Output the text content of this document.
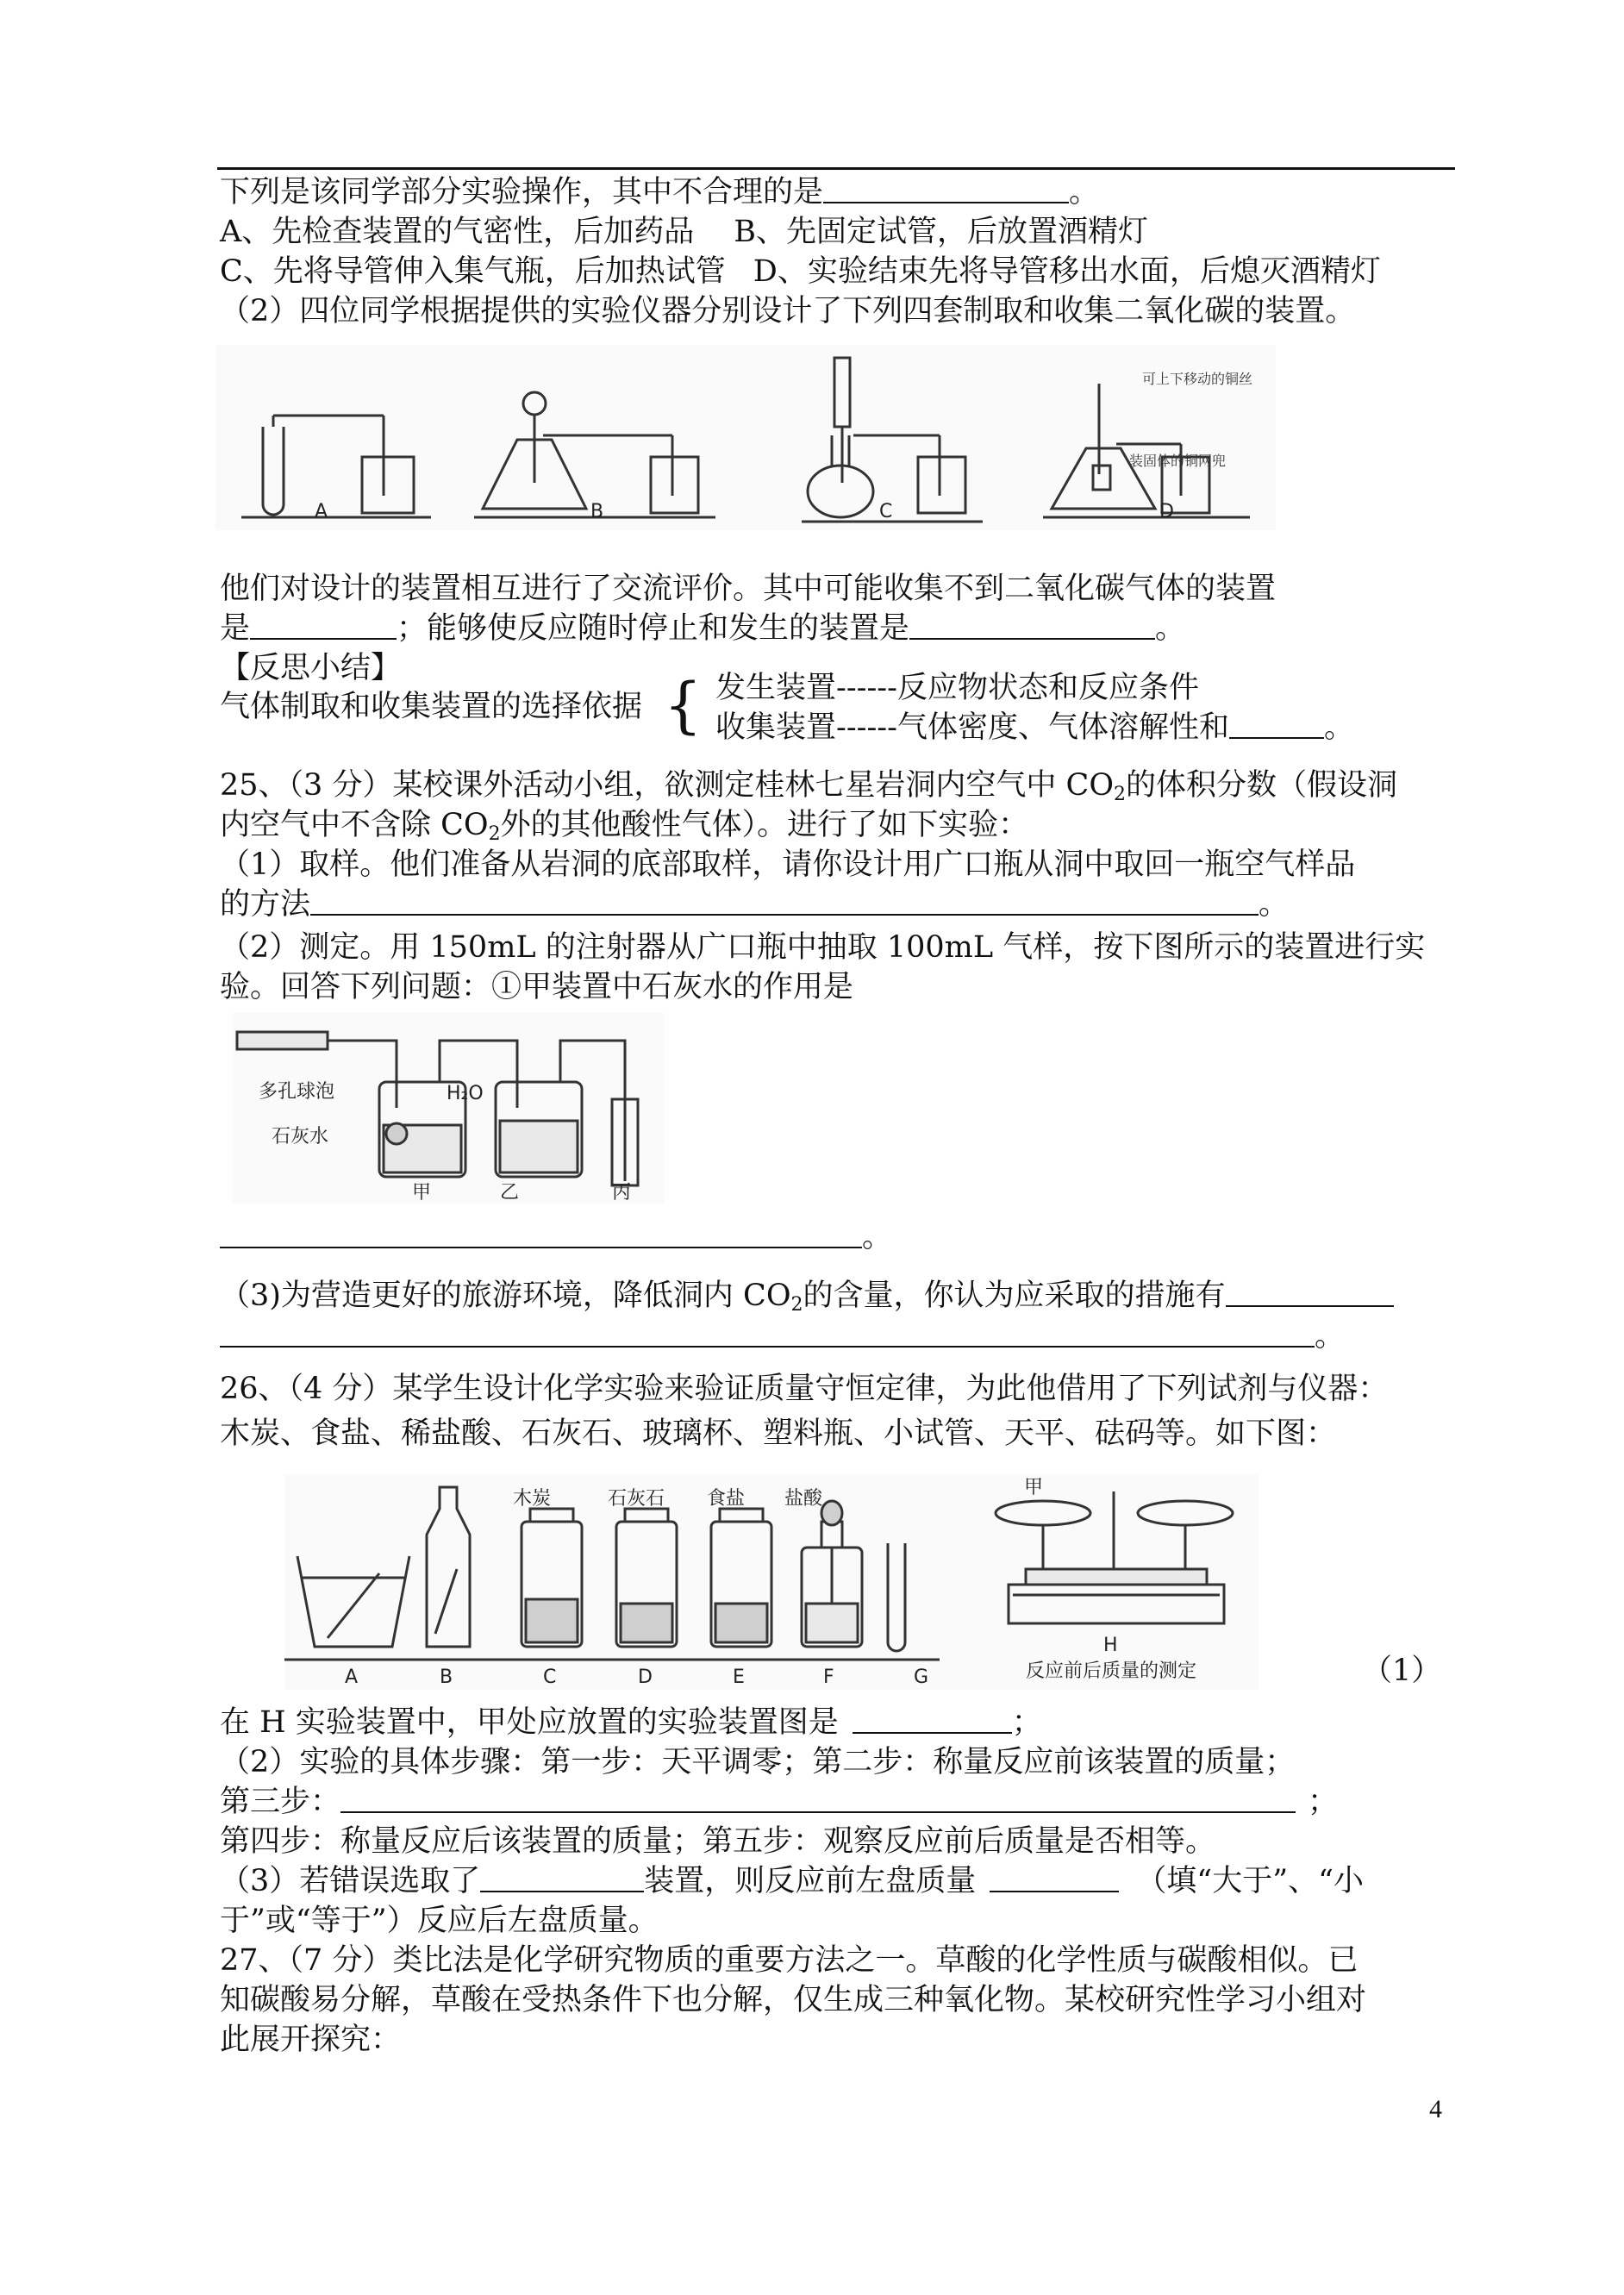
下列是该同学部分实验操作，其中不合理的是	。
A、先检查装置的气密性，后加药品 B、先固定试管，后放置酒精灯
C、先将导管伸入集气瓶，后加热试管 D、实验结束先将导管移出水面，后熄灭酒精灯
（2）四位同学根据提供的实验仪器分别设计了下列四套制取和收集二氧化碳的装置。
可上下移动的铜丝
装固体的铜网兜
A	B	C	D
他们对设计的装置相互进行了交流评价。其中可能收集不到二氧化碳气体的装置
是	；能够使反应随时停止和发生的装置是	。
【反思小结】
气体制取和收集装置的选择依据 { 发生装置------反应物状态和反应条件
收集装置------气体密度、气体溶解性和	。
25、（3 分）某校课外活动小组，欲测定桂林七星岩洞内空气中 $CO_2$的体积分数（假设洞
内空气中不含除 $CO_2$外的其他酸性气体）。进行了如下实验：
（1）取样。他们准备从岩洞的底部取样，请你设计用广口瓶从洞中取回一瓶空气样品
的方法	。
（2）测定。用 150mL 的注射器从广口瓶中抽取 100mL 气样，按下图所示的装置进行实
验。回答下列问题：①甲装置中石灰水的作用是
多孔球泡	H₂O
石灰水
甲	乙	丙
。
（3)为营造更好的旅游环境，降低洞内 $CO_2$的含量，你认为应采取的措施有
。
26、（4 分）某学生设计化学实验来验证质量守恒定律，为此他借用了下列试剂与仪器：
木炭、食盐、稀盐酸、石灰石、玻璃杯、塑料瓶、小试管、天平、砝码等。如下图：
木炭	石灰石 食盐 盐酸
A	B	C	D	E	F	G
甲
H
反应前后质量的测定	（1）
在 H 实验装置中，甲处应放置的实验装置图是	；
（2）实验的具体步骤：第一步：天平调零；第二步：称量反应前该装置的质量；
第三步：	；
第四步：称量反应后该装置的质量；第五步：观察反应前后质量是否相等。
（3）若错误选取了	装置，则反应前左盘质量	（填“大于”、“小
于”或“等于”）反应后左盘质量。
27、（7 分）类比法是化学研究物质的重要方法之一。草酸的化学性质与碳酸相似。已
知碳酸易分解，草酸在受热条件下也分解，仅生成三种氧化物。某校研究性学习小组对
此展开探究：
4
